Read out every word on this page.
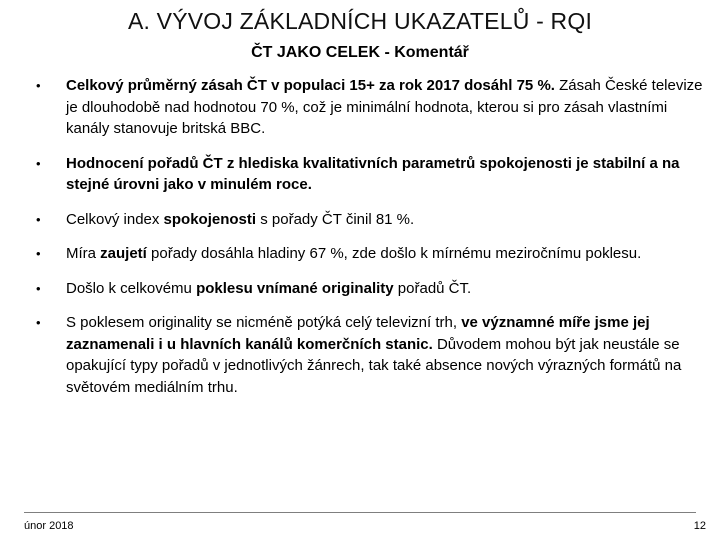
A. VÝVOJ ZÁKLADNÍCH UKAZATELŮ - RQI
ČT JAKO CELEK - Komentář
• Celkový průměrný zásah ČT v populaci 15+ za rok 2017 dosáhl 75 %. Zásah České televize je dlouhodobě nad hodnotou 70 %, což je minimální hodnota, kterou si pro zásah vlastními kanály stanovuje britská BBC.
• Hodnocení pořadů ČT z hlediska kvalitativních parametrů spokojenosti je stabilní a na stejné úrovni jako v minulém roce.
• Celkový index spokojenosti s pořady ČT činil 81 %.
• Míra zaujetí pořady dosáhla hladiny 67 %, zde došlo k mírnému meziročnímu poklesu.
• Došlo k celkovému poklesu vnímané originality pořadů ČT.
• S poklesem originality se nicméně potýká celý televizní trh, ve významné míře jsme jej zaznamenali i u hlavních kanálů komerčních stanic. Důvodem mohou být jak neustále se opakující typy pořadů v jednotlivých žánrech, tak také absence nových výrazných formátů na světovém mediálním trhu.
únor 2018	12
